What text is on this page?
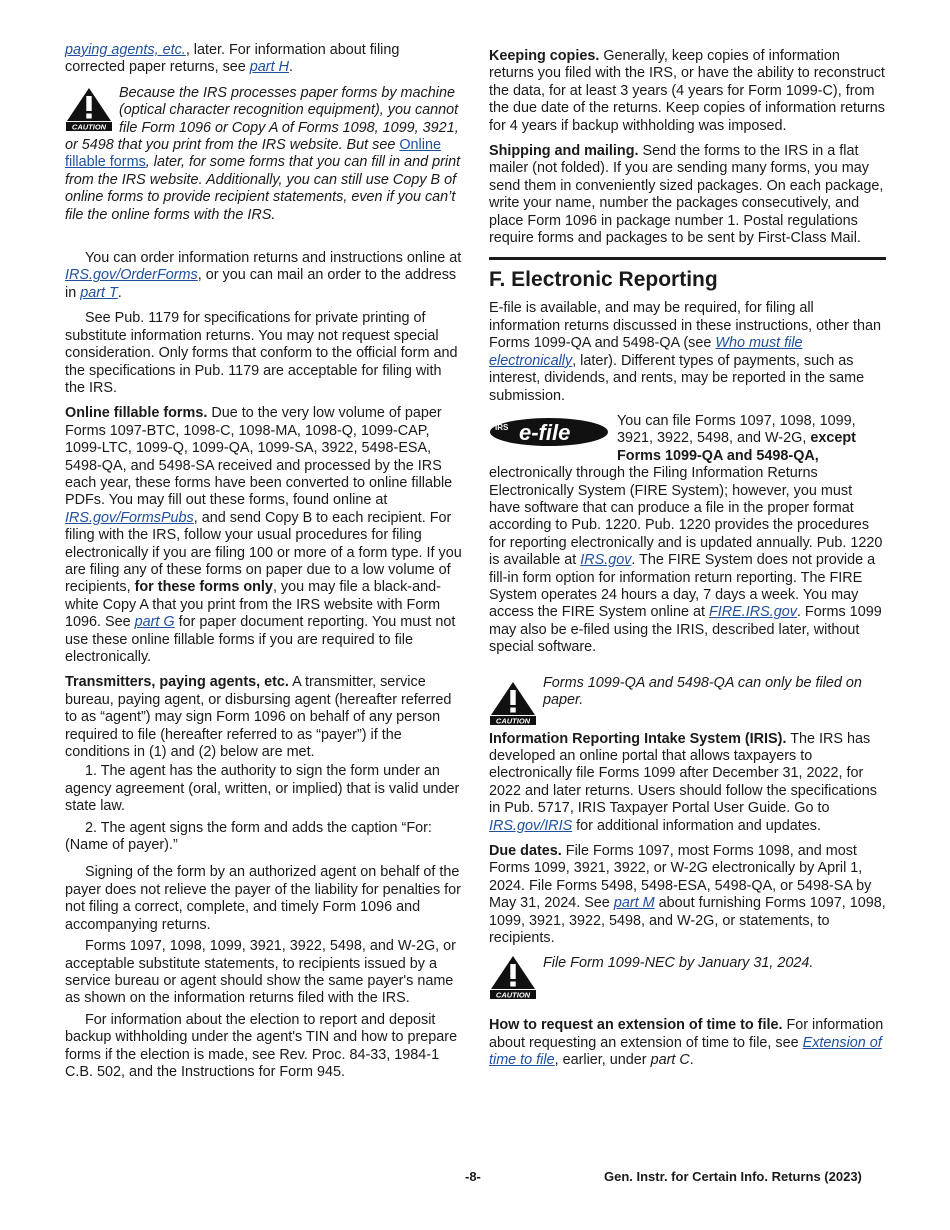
paying agents, etc., later. For information about filing corrected paper returns, see part H.

CAUTION
Because the IRS processes paper forms by machine (optical character recognition equipment), you cannot file Form 1096 or Copy A of Forms 1098, 1099, 3921, or 5498 that you print from the IRS website. But see Online fillable forms, later, for some forms that you can fill in and print from the IRS website. Additionally, you can still use Copy B of online forms to provide recipient statements, even if you can’t file the online forms with the IRS.

You can order information returns and instructions online at IRS.gov/OrderForms, or you can mail an order to the address in part T.

See Pub. 1179 for specifications for private printing of substitute information returns. You may not request special consideration. Only forms that conform to the official form and the specifications in Pub. 1179 are acceptable for filing with the IRS.

Online fillable forms. Due to the very low volume of paper Forms 1097-BTC, 1098-C, 1098-MA, 1098-Q, 1099-CAP, 1099-LTC, 1099-Q, 1099-QA, 1099-SA, 3922, 5498-ESA, 5498-QA, and 5498-SA received and processed by the IRS each year, these forms have been converted to online fillable PDFs. You may fill out these forms, found online at IRS.gov/FormsPubs, and send Copy B to each recipient. For filing with the IRS, follow your usual procedures for filing electronically if you are filing 100 or more of a form type. If you are filing any of these forms on paper due to a low volume of recipients, for these forms only, you may file a black-and-white Copy A that you print from the IRS website with Form 1096. See part G for paper document reporting. You must not use these online fillable forms if you are required to file electronically.

Transmitters, paying agents, etc. A transmitter, service bureau, paying agent, or disbursing agent (hereafter referred to as “agent”) may sign Form 1096 on behalf of any person required to file (hereafter referred to as “payer”) if the conditions in (1) and (2) below are met.

1. The agent has the authority to sign the form under an agency agreement (oral, written, or implied) that is valid under state law.

2. The agent signs the form and adds the caption “For: (Name of payer).”

Signing of the form by an authorized agent on behalf of the payer does not relieve the payer of the liability for penalties for not filing a correct, complete, and timely Form 1096 and accompanying returns.

Forms 1097, 1098, 1099, 3921, 3922, 5498, and W-2G, or acceptable substitute statements, to recipients issued by a service bureau or agent should show the same payer's name as shown on the information returns filed with the IRS.

For information about the election to report and deposit backup withholding under the agent's TIN and how to prepare forms if the election is made, see Rev. Proc. 84-33, 1984-1 C.B. 502, and the Instructions for Form 945.

Keeping copies. Generally, keep copies of information returns you filed with the IRS, or have the ability to reconstruct the data, for at least 3 years (4 years for Form 1099-C), from the due date of the returns. Keep copies of information returns for 4 years if backup withholding was imposed.

Shipping and mailing. Send the forms to the IRS in a flat mailer (not folded). If you are sending many forms, you may send them in conveniently sized packages. On each package, write your name, number the packages consecutively, and place Form 1096 in package number 1. Postal regulations require forms and packages to be sent by First-Class Mail.

F. Electronic Reporting

E-file is available, and may be required, for filing all information returns discussed in these instructions, other than Forms 1099-QA and 5498-QA (see Who must file electronically, later). Different types of payments, such as interest, dividends, and rents, may be reported in the same submission.

IRS e-file	You can file Forms 1097, 1098, 1099, 3921, 3922, 5498, and W-2G, except Forms 1099-QA and 5498-QA, electronically through the Filing Information Returns Electronically System (FIRE System); however, you must have software that can produce a file in the proper format according to Pub. 1220. Pub. 1220 provides the procedures for reporting electronically and is updated annually. Pub. 1220 is available at IRS.gov. The FIRE System does not provide a fill-in form option for information return reporting. The FIRE System operates 24 hours a day, 7 days a week. You may access the FIRE System online at FIRE.IRS.gov. Forms 1099 may also be e-filed using the IRIS, described later, without special software.

CAUTION
Forms 1099-QA and 5498-QA can only be filed on paper.

Information Reporting Intake System (IRIS). The IRS has developed an online portal that allows taxpayers to electronically file Forms 1099 after December 31, 2022, for 2022 and later returns. Users should follow the specifications in Pub. 5717, IRIS Taxpayer Portal User Guide. Go to IRS.gov/IRIS for additional information and updates.

Due dates. File Forms 1097, most Forms 1098, and most Forms 1099, 3921, 3922, or W-2G electronically by April 1, 2024. File Forms 5498, 5498-ESA, 5498-QA, or 5498-SA by May 31, 2024. See part M about furnishing Forms 1097, 1098, 1099, 3921, 3922, 5498, and W-2G, or statements, to recipients.

CAUTION
File Form 1099-NEC by January 31, 2024.

How to request an extension of time to file. For information about requesting an extension of time to file, see Extension of time to file, earlier, under part C.

-8-	Gen. Instr. for Certain Info. Returns (2023)
